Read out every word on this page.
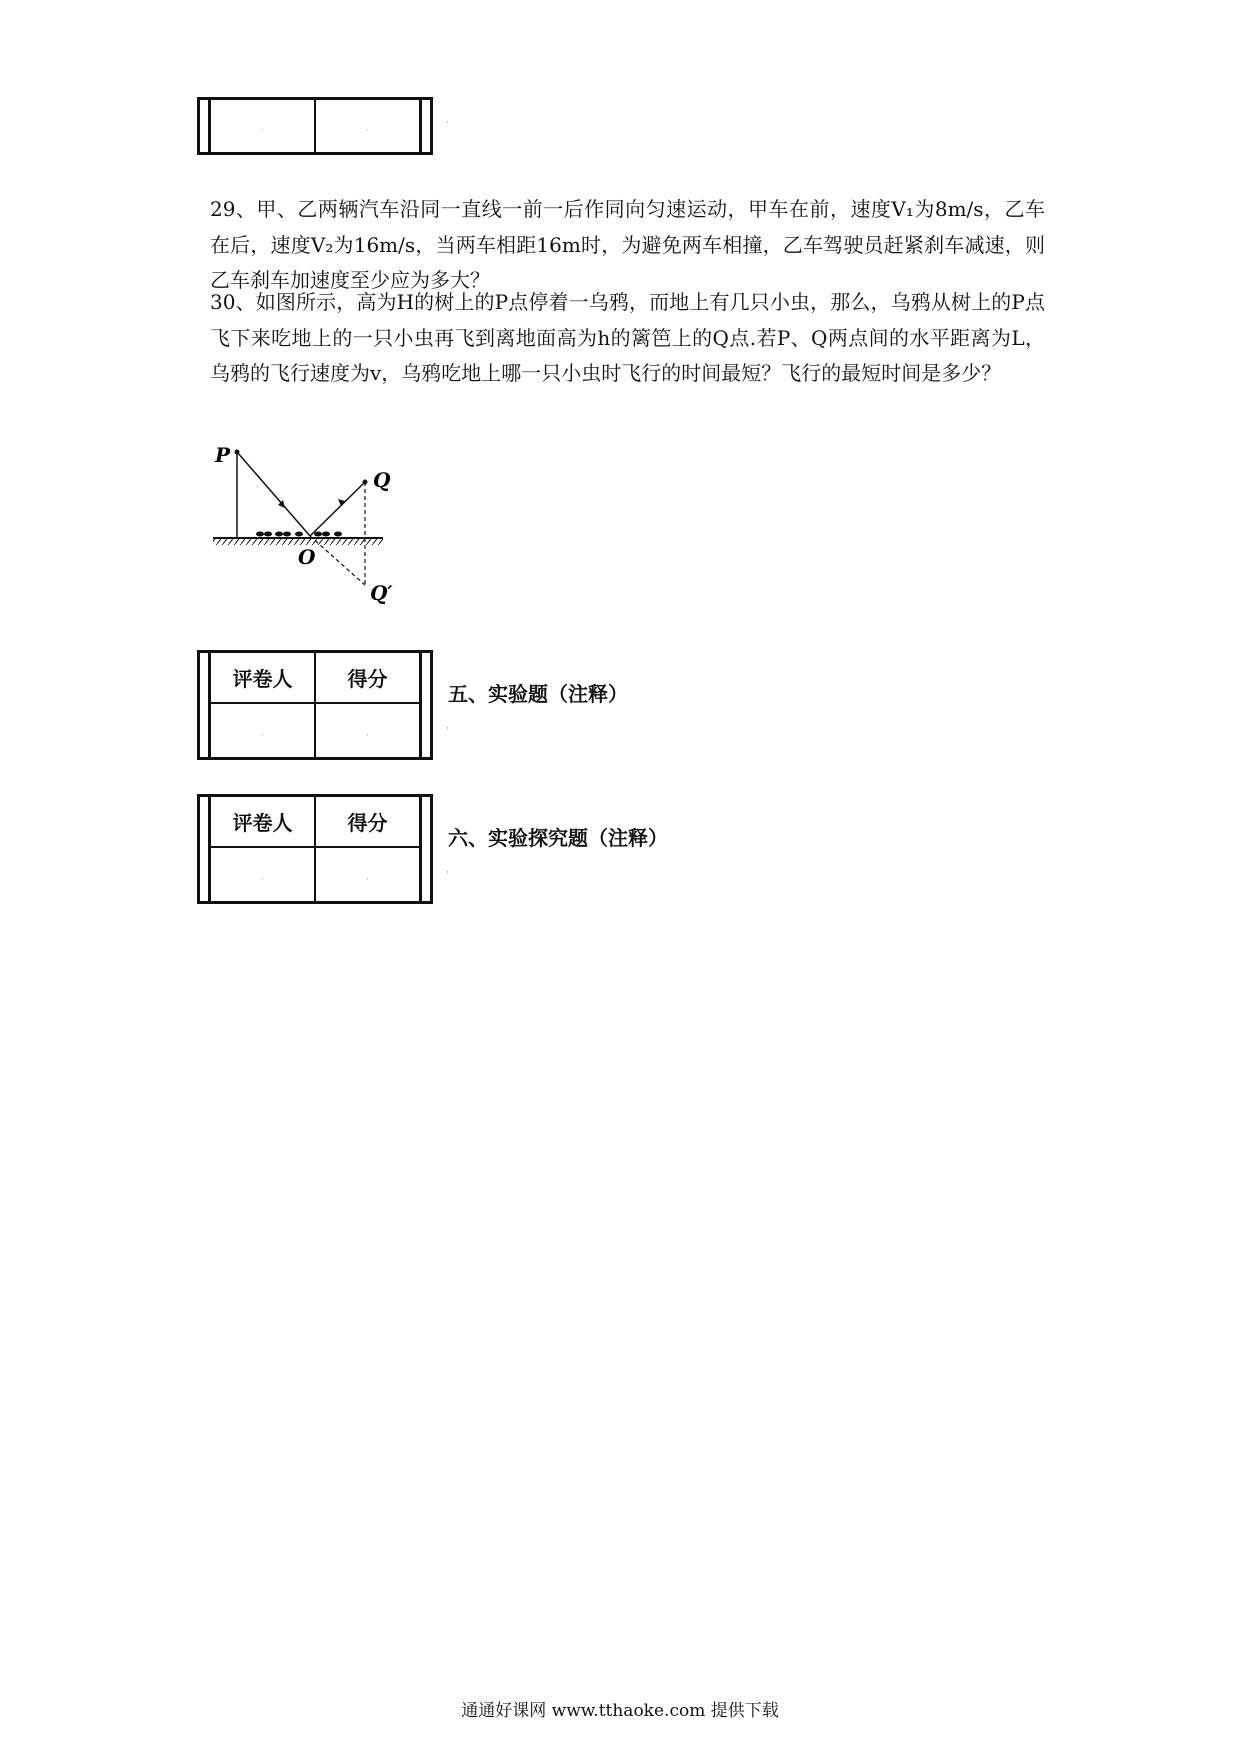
·	·
·

29、甲、乙两辆汽车沿同一直线一前一后作同向匀速运动，甲车在前，速度V₁为8m/s，乙车在后，速度V₂为16m/s，当两车相距16m时，为避免两车相撞，乙车驾驶员赶紧刹车减速，则乙车刹车加速度至少应为多大？

30、如图所示，高为H的树上的P点停着一乌鸦，而地上有几只小虫，那么，乌鸦从树上的P点飞下来吃地上的一只小虫再飞到离地面高为h的篱笆上的Q点.若P、Q两点间的水平距离为L，乌鸦的飞行速度为v，乌鸦吃地上哪一只小虫时飞行的时间最短？飞行的最短时间是多少？

P
Q
O
Q′
评卷人	得分
·	·
五、实验题（注释）
·
评卷人	得分
·	·
六、实验探究题（注释）
·
通通好课网 www.tthaoke.com 提供下载
